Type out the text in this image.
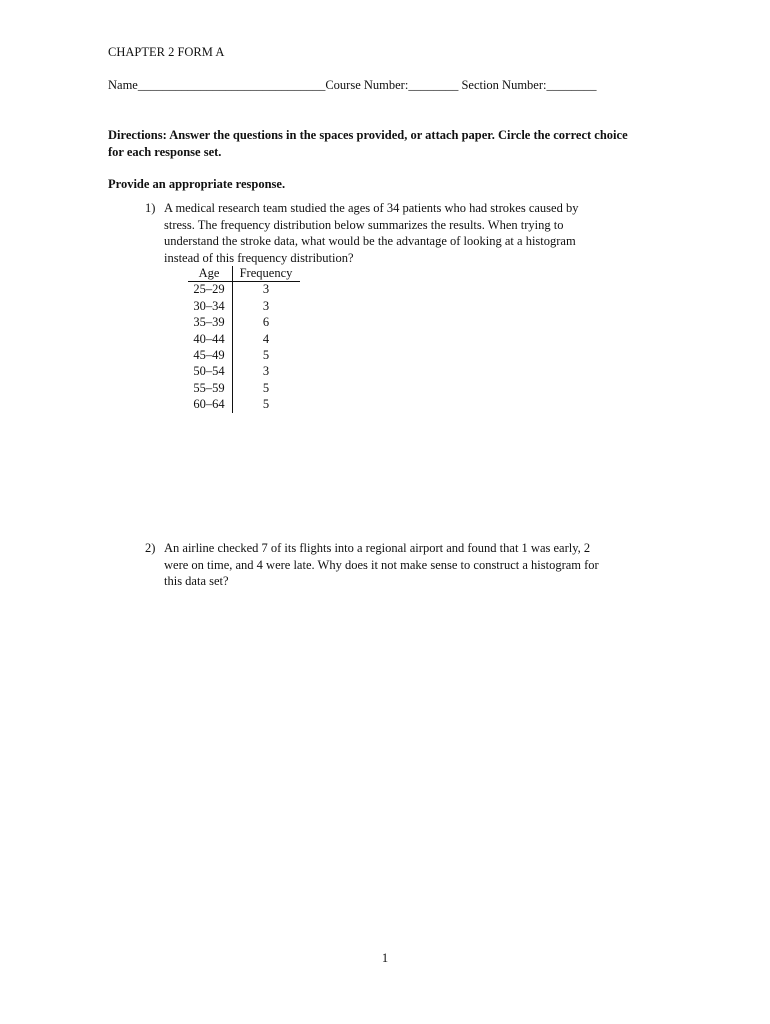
CHAPTER 2 FORM A
Name______________________________Course Number:________ Section Number:________
Directions: Answer the questions in the spaces provided, or attach paper. Circle the correct choice
for each response set.
Provide an appropriate response.
1) A medical research team studied the ages of 34 patients who had strokes caused by
stress. The frequency distribution below summarizes the results. When trying to
understand the stroke data, what would be the advantage of looking at a histogram
instead of this frequency distribution?
Age	Frequency
25–29	3
30–34	3
35–39	6
40–44	4
45–49	5
50–54	3
55–59	5
60–64	5
2) An airline checked 7 of its flights into a regional airport and found that 1 was early, 2
were on time, and 4 were late. Why does it not make sense to construct a histogram for
this data set?
1
